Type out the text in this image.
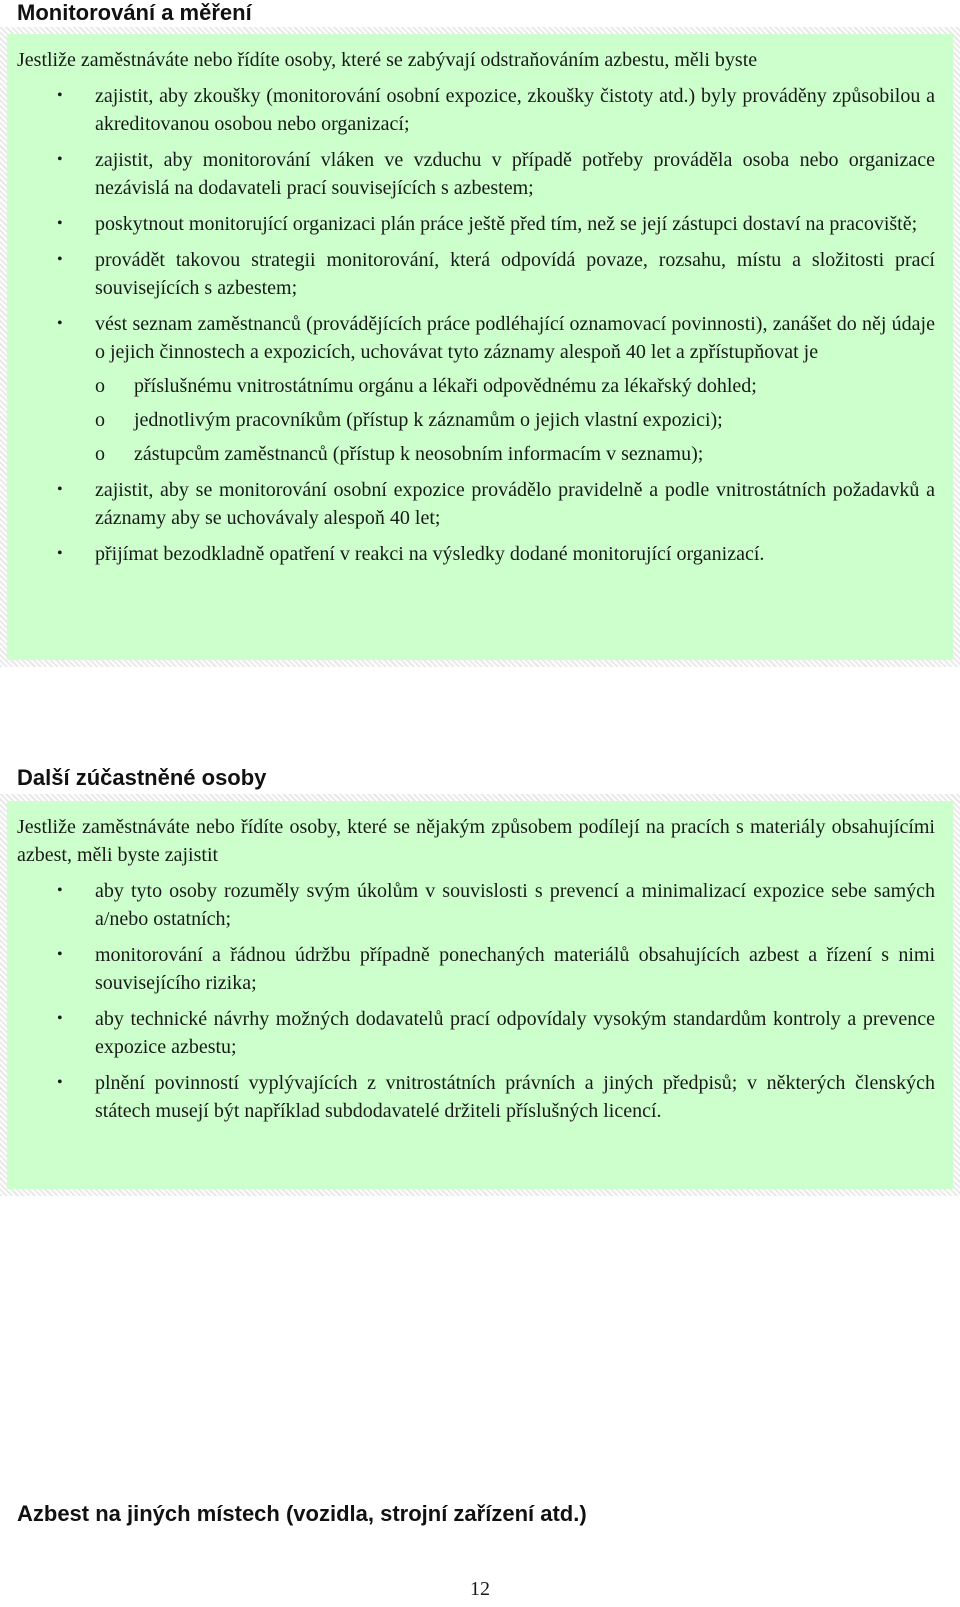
Monitorování a měření

Jestliže zaměstnáváte nebo řídíte osoby, které se zabývají odstraňováním azbestu, měli byste

• zajistit, aby zkoušky (monitorování osobní expozice, zkoušky čistoty atd.) byly prováděny způsobilou a akreditovanou osobou nebo organizací;
• zajistit, aby monitorování vláken ve vzduchu v případě potřeby prováděla osoba nebo organizace nezávislá na dodavateli prací souvisejících s azbestem;
• poskytnout monitorující organizaci plán práce ještě před tím, než se její zástupci dostaví na pracoviště;
• provádět takovou strategii monitorování, která odpovídá povaze, rozsahu, místu a složitosti prací souvisejících s azbestem;
• vést seznam zaměstnanců (provádějících práce podléhající oznamovací povinnosti), zanášet do něj údaje o jejich činnostech a expozicích, uchovávat tyto záznamy alespoň 40 let a zpřístupňovat je
o příslušnému vnitrostátnímu orgánu a lékaři odpovědnému za lékařský dohled;
o jednotlivým pracovníkům (přístup k záznamům o jejich vlastní expozici);
o zástupcům zaměstnanců (přístup k neosobním informacím v seznamu);
• zajistit, aby se monitorování osobní expozice provádělo pravidelně a podle vnitrostátních požadavků a záznamy aby se uchovávaly alespoň 40 let;
• přijímat bezodkladně opatření v reakci na výsledky dodané monitorující organizací.
Další zúčastněné osoby

Jestliže zaměstnáváte nebo řídíte osoby, které se nějakým způsobem podílejí na pracích s materiály obsahujícími azbest, měli byste zajistit

• aby tyto osoby rozuměly svým úkolům v souvislosti s prevencí a minimalizací expozice sebe samých a/nebo ostatních;
• monitorování a řádnou údržbu případně ponechaných materiálů obsahujících azbest a řízení s nimi souvisejícího rizika;
• aby technické návrhy možných dodavatelů prací odpovídaly vysokým standardům kontroly a prevence expozice azbestu;
• plnění povinností vyplývajících z vnitrostátních právních a jiných předpisů; v některých členských státech musejí být například subdodavatelé držiteli příslušných licencí.
Azbest na jiných místech (vozidla, strojní zařízení atd.)
12
